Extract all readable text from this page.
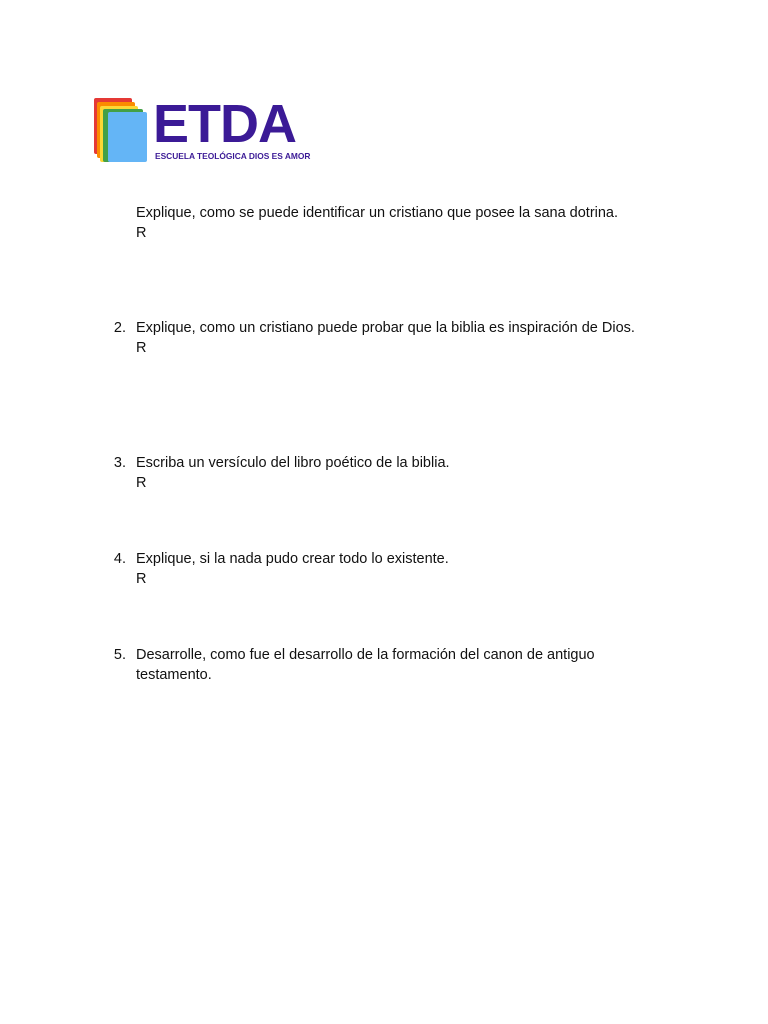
ETDA
ESCUELA TEOLÓGICA DIOS ES AMOR
Explique, como se puede identificar un cristiano que posee la sana dotrina.
R
2. Explique, como un cristiano puede probar que la biblia es inspiración de Dios.
R
3. Escriba un versículo del libro poético de la biblia.
R
4. Explique, si la nada pudo crear todo lo existente.
R
5. Desarrolle, como fue el desarrollo de la formación del canon de antiguo testamento.
